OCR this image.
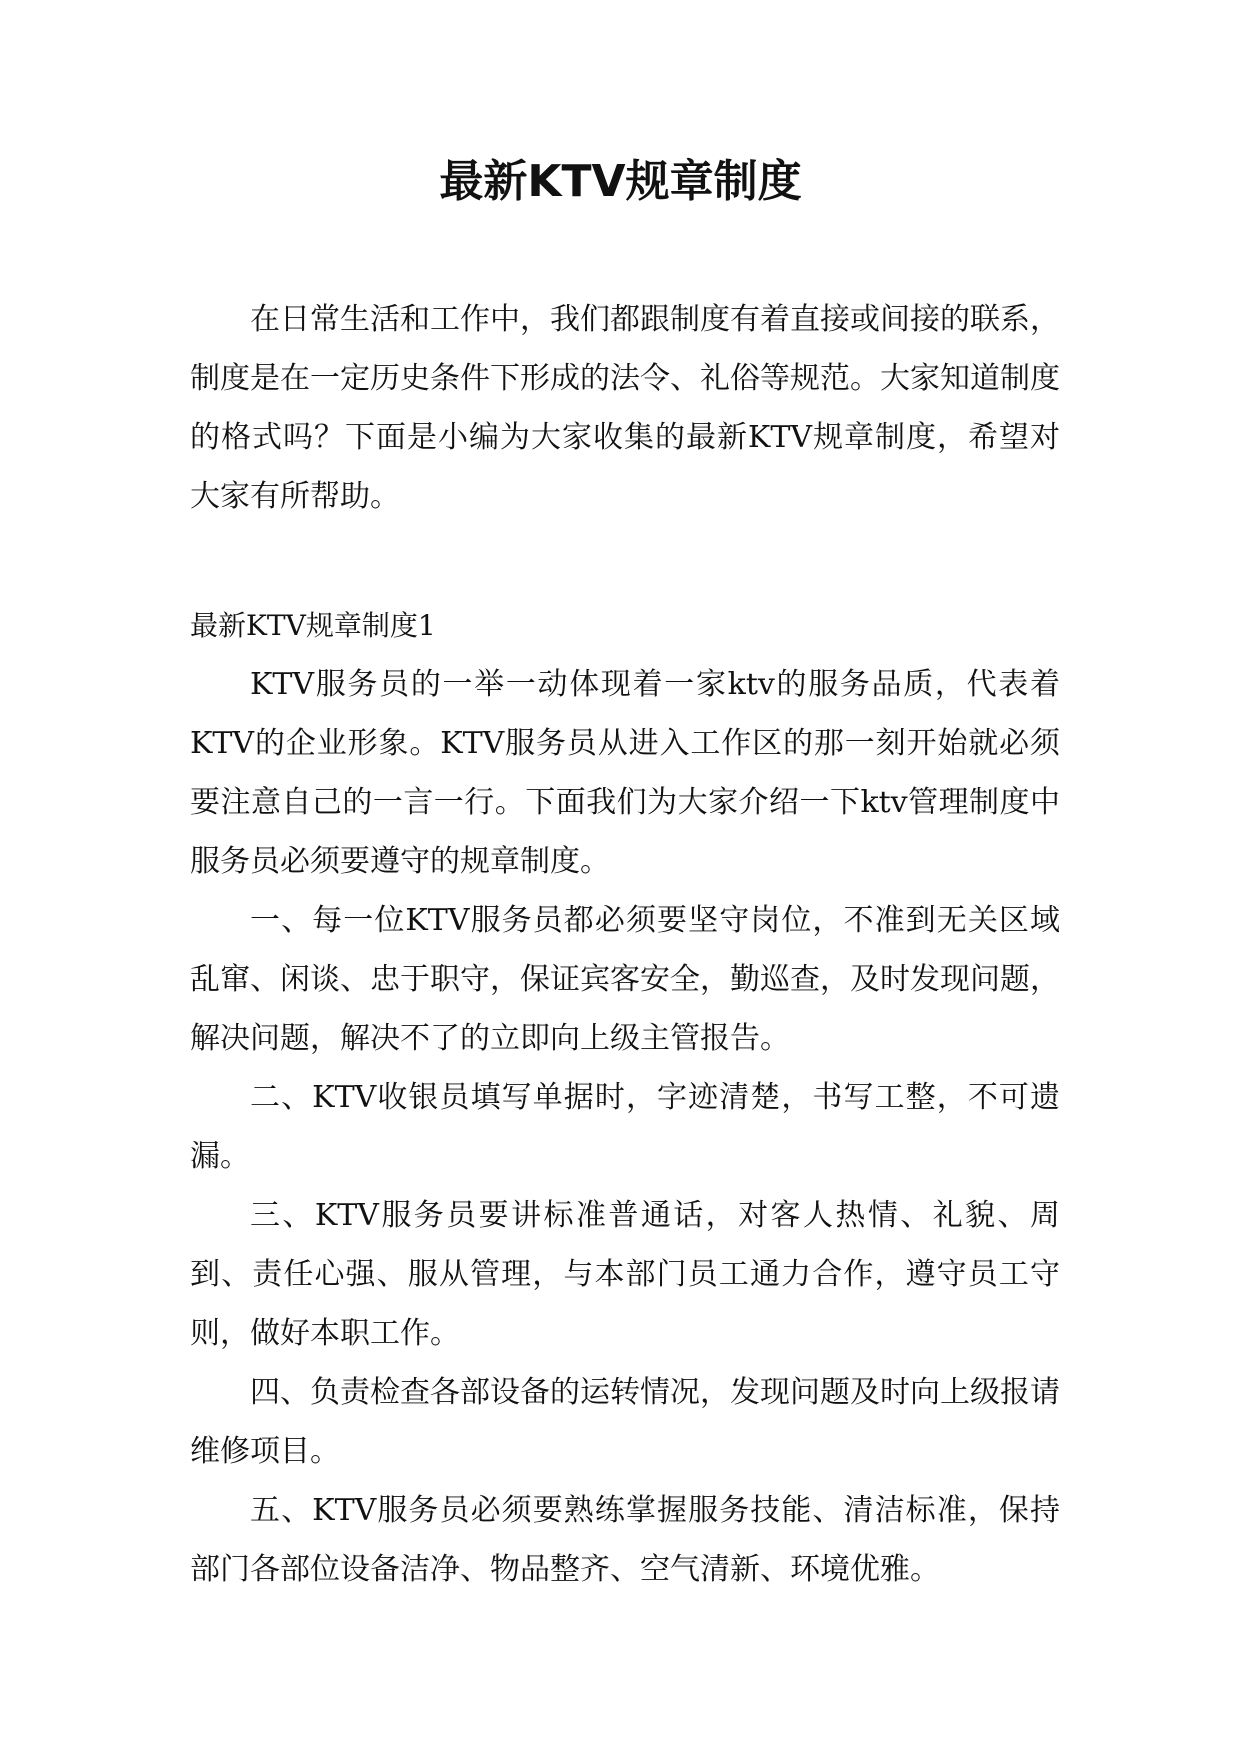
最新KTV规章制度

在日常生活和工作中，我们都跟制度有着直接或间接的联系，制度是在一定历史条件下形成的法令、礼俗等规范。大家知道制度的格式吗？下面是小编为大家收集的最新KTV规章制度，希望对大家有所帮助。

最新KTV规章制度1

KTV服务员的一举一动体现着一家ktv的服务品质，代表着KTV的企业形象。KTV服务员从进入工作区的那一刻开始就必须要注意自己的一言一行。下面我们为大家介绍一下ktv管理制度中服务员必须要遵守的规章制度。

一、每一位KTV服务员都必须要坚守岗位，不准到无关区域乱窜、闲谈、忠于职守，保证宾客安全，勤巡查，及时发现问题，解决问题，解决不了的立即向上级主管报告。

二、KTV收银员填写单据时，字迹清楚，书写工整，不可遗漏。

三、KTV服务员要讲标准普通话，对客人热情、礼貌、周到、责任心强、服从管理，与本部门员工通力合作，遵守员工守则，做好本职工作。

四、负责检查各部设备的运转情况，发现问题及时向上级报请维修项目。

五、KTV服务员必须要熟练掌握服务技能、清洁标准，保持部门各部位设备洁净、物品整齐、空气清新、环境优雅。
